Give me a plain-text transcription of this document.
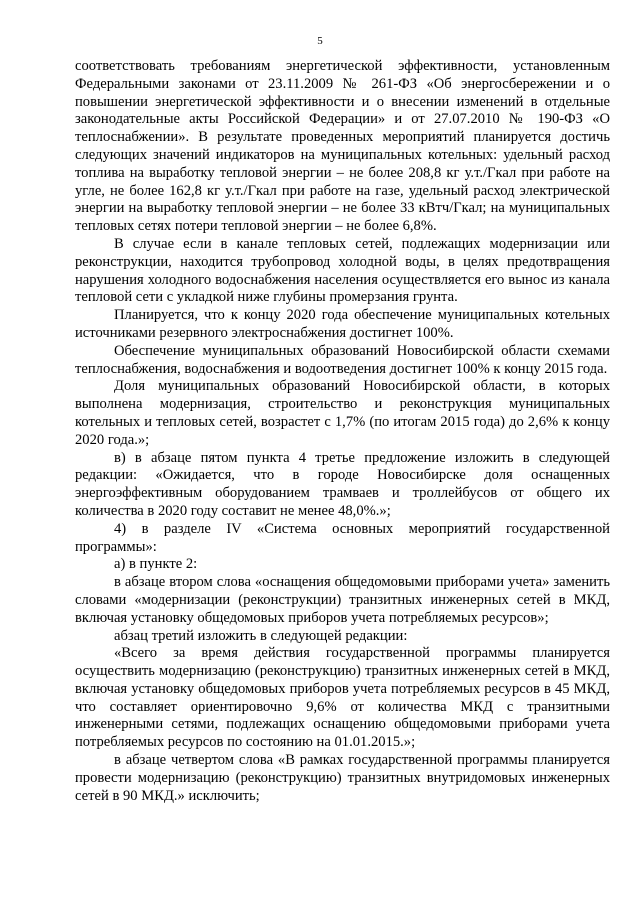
5

соответствовать требованиям энергетической эффективности, установленным Федеральными законами от 23.11.2009 № 261-ФЗ «Об энергосбережении и о повышении энергетической эффективности и о внесении изменений в отдельные законодательные акты Российской Федерации» и от 27.07.2010 № 190-ФЗ «О теплоснабжении». В результате проведенных мероприятий планируется достичь следующих значений индикаторов на муниципальных котельных: удельный расход топлива на выработку тепловой энергии – не более 208,8 кг у.т./Гкал при работе на угле, не более 162,8 кг у.т./Гкал при работе на газе, удельный расход электрической энергии на выработку тепловой энергии – не более 33 кВтч/Гкал; на муниципальных тепловых сетях потери тепловой энергии – не более 6,8%.

В случае если в канале тепловых сетей, подлежащих модернизации или реконструкции, находится трубопровод холодной воды, в целях предотвращения нарушения холодного водоснабжения населения осуществляется его вынос из канала тепловой сети с укладкой ниже глубины промерзания грунта.

Планируется, что к концу 2020 года обеспечение муниципальных котельных источниками резервного электроснабжения достигнет 100%.

Обеспечение муниципальных образований Новосибирской области схемами теплоснабжения, водоснабжения и водоотведения достигнет 100% к концу 2015 года.

Доля муниципальных образований Новосибирской области, в которых выполнена модернизация, строительство и реконструкция муниципальных котельных и тепловых сетей, возрастет с 1,7% (по итогам 2015 года) до 2,6% к концу 2020 года.»;

в) в абзаце пятом пункта 4 третье предложение изложить в следующей редакции: «Ожидается, что в городе Новосибирске доля оснащенных энергоэффективным оборудованием трамваев и троллейбусов от общего их количества в 2020 году составит не менее 48,0%.»;

4) в разделе IV «Система основных мероприятий государственной программы»:

а) в пункте 2:

в абзаце втором слова «оснащения общедомовыми приборами учета» заменить словами «модернизации (реконструкции) транзитных инженерных сетей в МКД, включая установку общедомовых приборов учета потребляемых ресурсов»;

абзац третий изложить в следующей редакции:

«Всего за время действия государственной программы планируется осуществить модернизацию (реконструкцию) транзитных инженерных сетей в МКД, включая установку общедомовых приборов учета потребляемых ресурсов в 45 МКД, что составляет ориентировочно 9,6% от количества МКД с транзитными инженерными сетями, подлежащих оснащению общедомовыми приборами учета потребляемых ресурсов по состоянию на 01.01.2015.»;

в абзаце четвертом слова «В рамках государственной программы планируется провести модернизацию (реконструкцию) транзитных внутридомовых инженерных сетей в 90 МКД.» исключить;
